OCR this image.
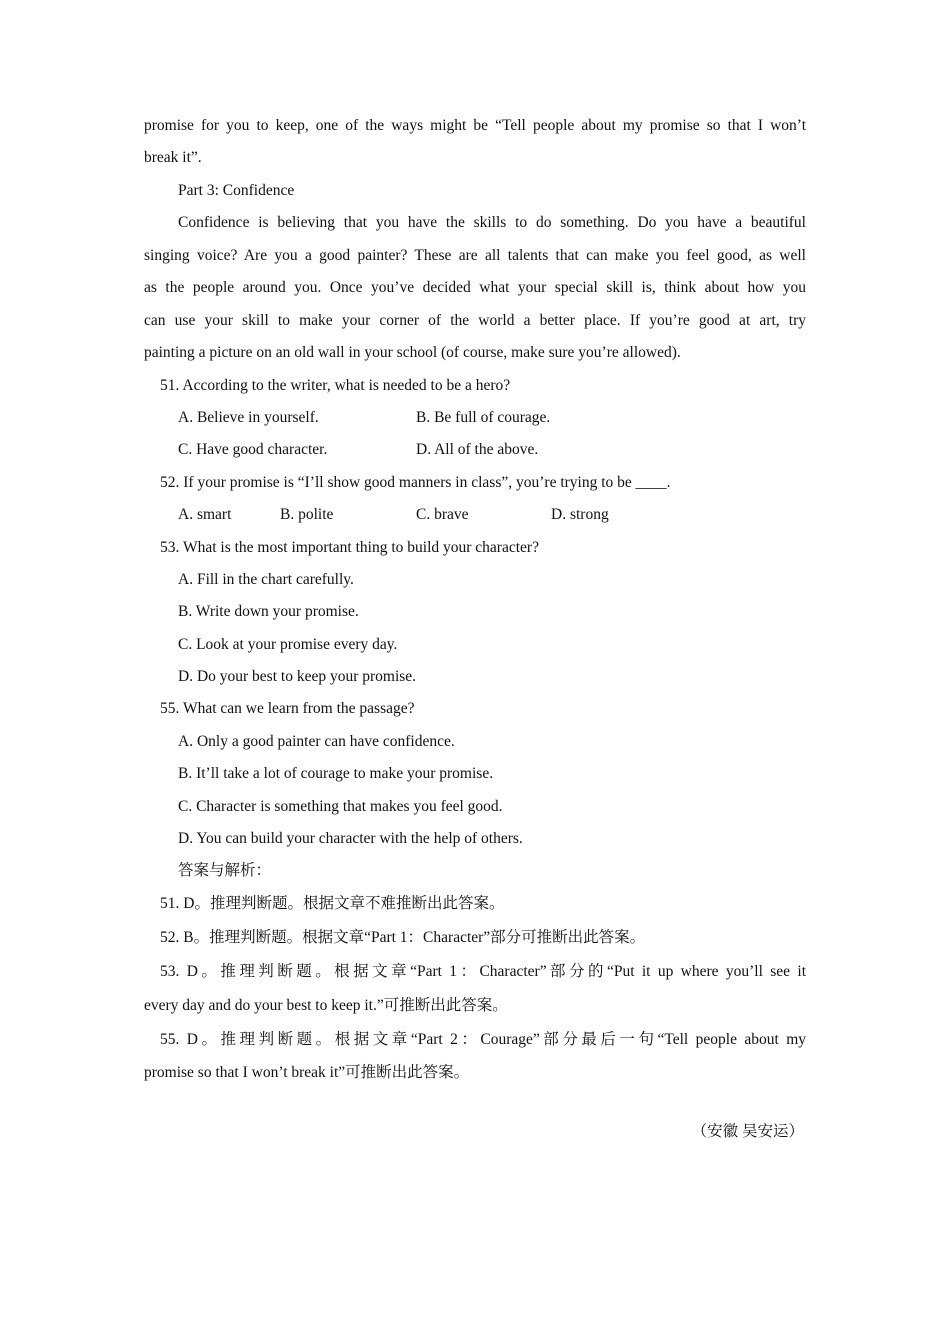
promise for you to keep, one of the ways might be “Tell people about my promise so that I won’t
break it”.
Part 3: Confidence
Confidence is believing that you have the skills to do something. Do you have a beautiful
singing voice? Are you a good painter? These are all talents that can make you feel good, as well
as the people around you. Once you’ve decided what your special skill is, think about how you
can use your skill to make your corner of the world a better place. If you’re good at art, try
painting a picture on an old wall in your school (of course, make sure you’re allowed).
51. According to the writer, what is needed to be a hero?
A. Believe in yourself.	B. Be full of courage.
C. Have good character.	D. All of the above.
52. If your promise is “I’ll show good manners in class”, you’re trying to be ____.
A. smart	B. polite	C. brave	D. strong
53. What is the most important thing to build your character?
A. Fill in the chart carefully.
B. Write down your promise.
C. Look at your promise every day.
D. Do your best to keep your promise.
55. What can we learn from the passage?
A. Only a good painter can have confidence.
B. It’ll take a lot of courage to make your promise.
C. Character is something that makes you feel good.
D. You can build your character with the help of others.
答案与解析：
51. D。推理判断题。根据文章不难推断出此答案。
52. B。推理判断题。根据文章“Part 1：Character”部分可推断出此答案。
53. D。推理判断题。根据文章“Part 1：Character”部分的“Put it up where you’ll see it
every day and do your best to keep it.”可推断出此答案。
55. D。推理判断题。根据文章“Part 2：Courage”部分最后一句“Tell people about my
promise so that I won’t break it”可推断出此答案。
（安徽 吴安运）
